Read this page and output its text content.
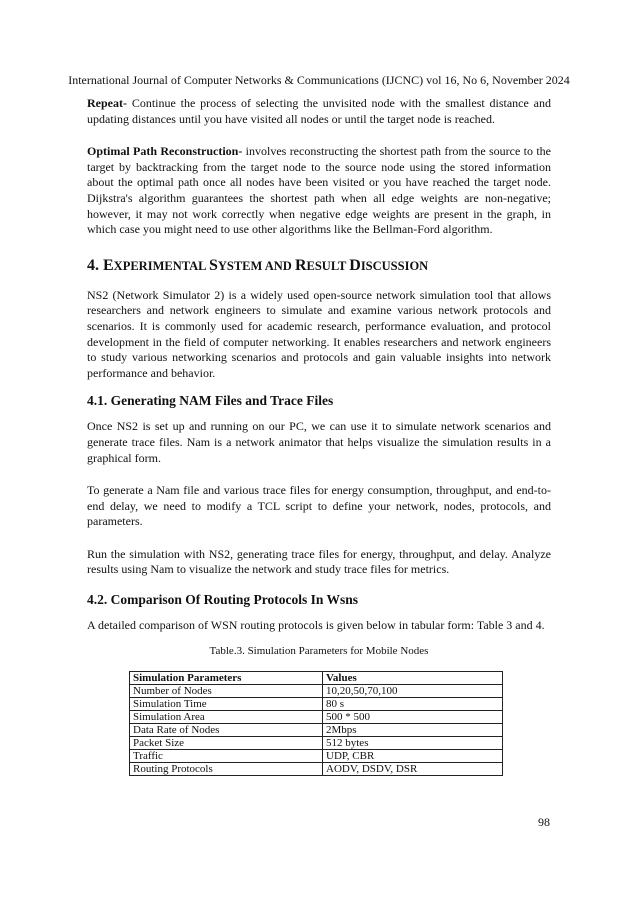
International Journal of Computer Networks & Communications (IJCNC) vol 16, No 6, November 2024

Repeat- Continue the process of selecting the unvisited node with the smallest distance and updating distances until you have visited all nodes or until the target node is reached.

Optimal Path Reconstruction- involves reconstructing the shortest path from the source to the target by backtracking from the target node to the source node using the stored information about the optimal path once all nodes have been visited or you have reached the target node. Dijkstra's algorithm guarantees the shortest path when all edge weights are non-negative; however, it may not work correctly when negative edge weights are present in the graph, in which case you might need to use other algorithms like the Bellman-Ford algorithm.

4. EXPERIMENTAL SYSTEM AND RESULT DISCUSSION

NS2 (Network Simulator 2) is a widely used open-source network simulation tool that allows researchers and network engineers to simulate and examine various network protocols and scenarios. It is commonly used for academic research, performance evaluation, and protocol development in the field of computer networking. It enables researchers and network engineers to study various networking scenarios and protocols and gain valuable insights into network performance and behavior.

4.1. Generating NAM Files and Trace Files

Once NS2 is set up and running on our PC, we can use it to simulate network scenarios and generate trace files. Nam is a network animator that helps visualize the simulation results in a graphical form.

To generate a Nam file and various trace files for energy consumption, throughput, and end-to-end delay, we need to modify a TCL script to define your network, nodes, protocols, and parameters.

Run the simulation with NS2, generating trace files for energy, throughput, and delay. Analyze results using Nam to visualize the network and study trace files for metrics.

4.2. Comparison Of Routing Protocols In Wsns

A detailed comparison of WSN routing protocols is given below in tabular form: Table 3 and 4.

Table.3. Simulation Parameters for Mobile Nodes
Simulation Parameters	Values
Number of Nodes	10,20,50,70,100
Simulation Time	80 s
Simulation Area	500 * 500
Data Rate of Nodes	2Mbps
Packet Size	512 bytes
Traffic	UDP, CBR
Routing Protocols	AODV, DSDV, DSR
98
